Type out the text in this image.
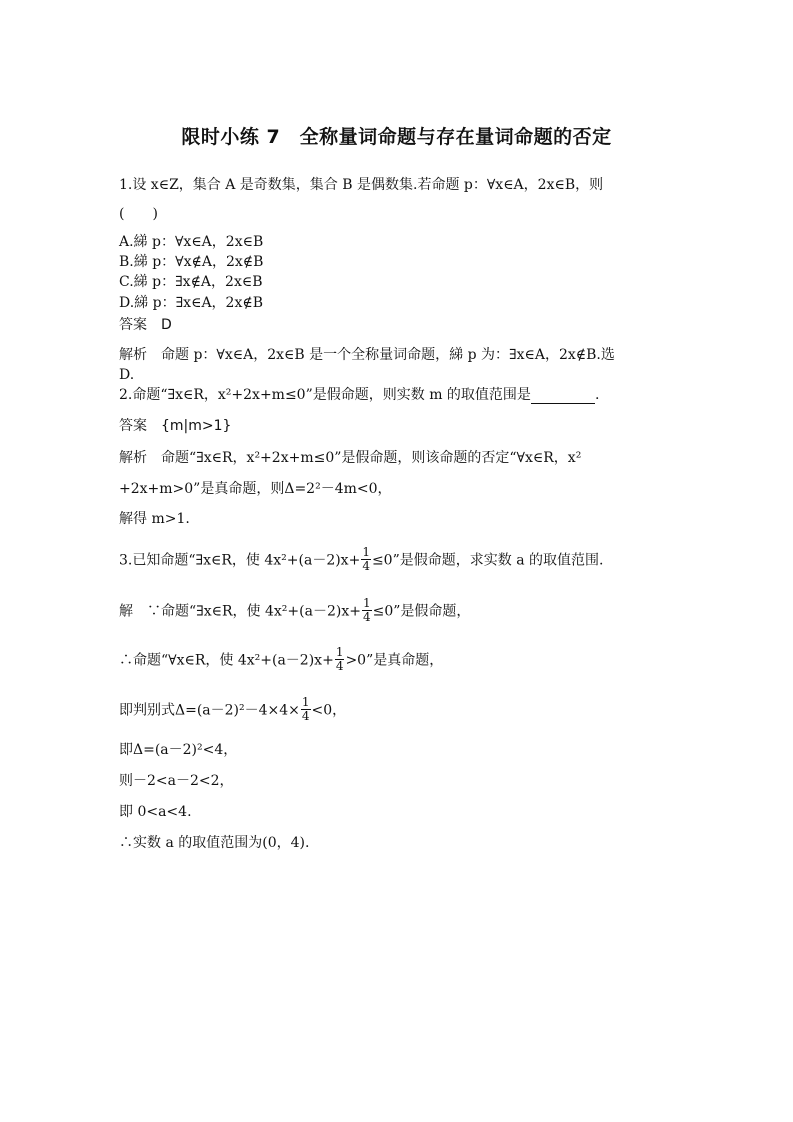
限时小练 7　全称量词命题与存在量词命题的否定
1.设 x∈Z，集合 A 是奇数集，集合 B 是偶数集.若命题 p：∀x∈A，2x∈B，则
(　　)
A.綈 p：∀x∈A，2x∈B
B.綈 p：∀x∉A，2x∉B
C.綈 p：∃x∉A，2x∈B
D.綈 p：∃x∈A，2x∉B
答案　D
解析　命题 p：∀x∈A，2x∈B 是一个全称量词命题，綈 p 为：∃x∈A，2x∉B.选
D.
2.命题“∃x∈R，x²+2x+m≤0”是假命题，则实数 m 的取值范围是	.
答案　{m|m>1}
解析　命题“∃x∈R，x²+2x+m≤0”是假命题，则该命题的否定“∀x∈R，x²
+2x+m>0”是真命题，则Δ=2²－4m<0，
解得 m>1.
3.已知命题“∃x∈R，使 $4x^2+(a-2)x+ \frac{1}{4} \le 0$”是假命题，求实数 a 的取值范围.
解　∵命题“∃x∈R，使 $4x^2+(a-2)x+ \frac{1}{4} \le 0$”是假命题，
∴命题“∀x∈R，使 $4x^2+(a-2)x+ \frac{1}{4} >0$”是真命题，
即判别式$\Delta=(a-2)^2-4\times 4\times \frac{1}{4} <0$，
即Δ=(a－2)²<4，
则－2<a－2<2，
即 0<a<4.
∴实数 a 的取值范围为(0，4).
